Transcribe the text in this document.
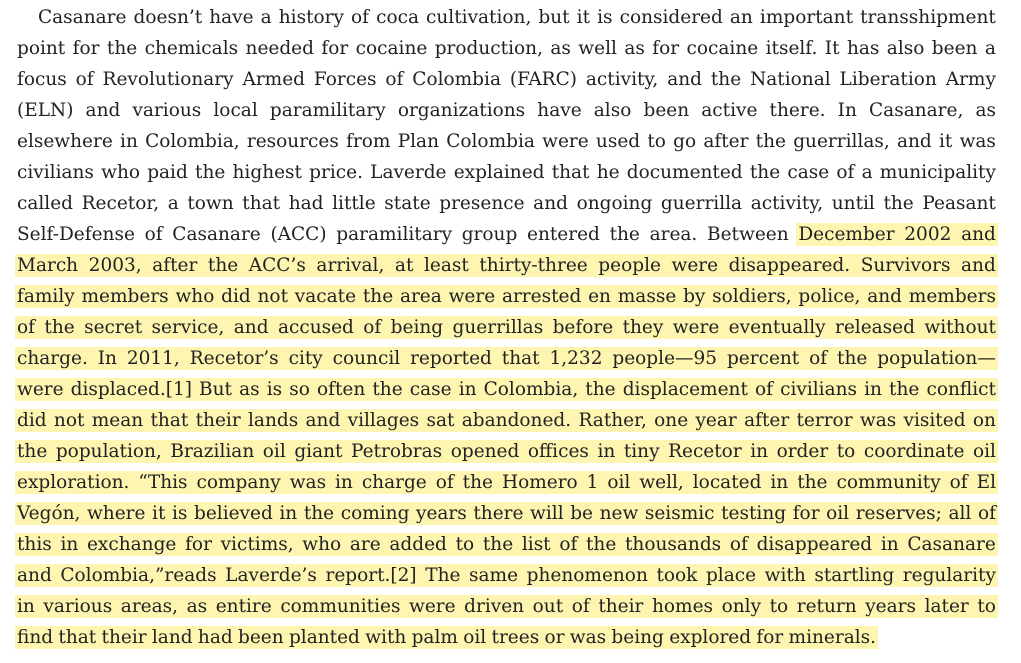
Casanare doesn’t have a history of coca cultivation, but it is considered an important transshipment
point for the chemicals needed for cocaine production, as well as for cocaine itself. It has also been a
focus of Revolutionary Armed Forces of Colombia (FARC) activity, and the National Liberation Army
(ELN) and various local paramilitary organizations have also been active there. In Casanare, as
elsewhere in Colombia, resources from Plan Colombia were used to go after the guerrillas, and it was
civilians who paid the highest price. Laverde explained that he documented the case of a municipality
called Recetor, a town that had little state presence and ongoing guerrilla activity, until the Peasant
Self-Defense of Casanare (ACC) paramilitary group entered the area. Between December 2002 and
March 2003, after the ACC’s arrival, at least thirty-three people were disappeared. Survivors and
family members who did not vacate the area were arrested en masse by soldiers, police, and members
of the secret service, and accused of being guerrillas before they were eventually released without
charge. In 2011, Recetor’s city council reported that 1,232 people—95 percent of the population—
were displaced.[1] But as is so often the case in Colombia, the displacement of civilians in the conflict
did not mean that their lands and villages sat abandoned. Rather, one year after terror was visited on
the population, Brazilian oil giant Petrobras opened offices in tiny Recetor in order to coordinate oil
exploration. “This company was in charge of the Homero 1 oil well, located in the community of El
Vegón, where it is believed in the coming years there will be new seismic testing for oil reserves; all of
this in exchange for victims, who are added to the list of the thousands of disappeared in Casanare
and Colombia,”reads Laverde’s report.[2] The same phenomenon took place with startling regularity
in various areas, as entire communities were driven out of their homes only to return years later to
find that their land had been planted with palm oil trees or was being explored for minerals.
